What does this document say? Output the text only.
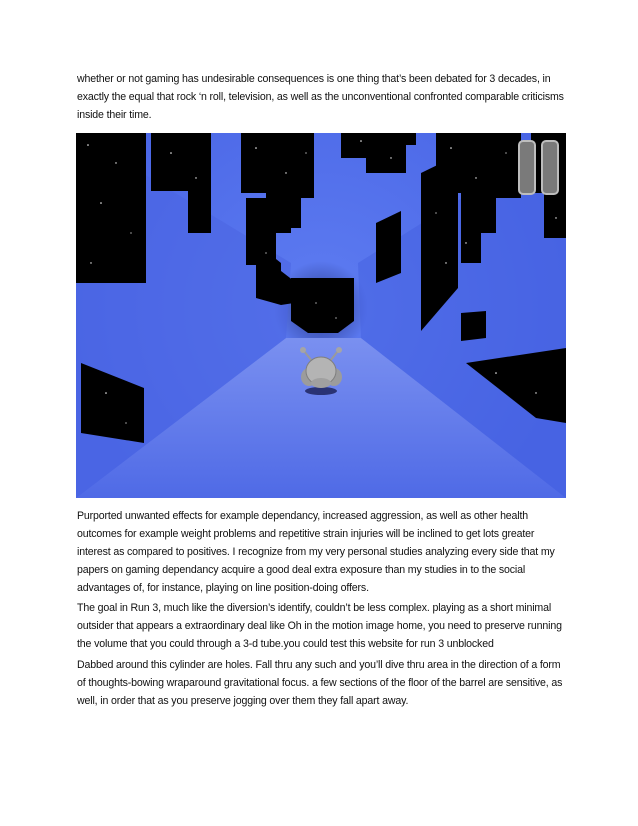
whether or not gaming has undesirable consequences is one thing that’s been debated for 3 decades, in exactly the equal that rock ‘n roll, television, as well as the unconventional confronted comparable criticisms inside their time.

Purported unwanted effects for example dependancy, increased aggression, as well as other health outcomes for example weight problems and repetitive strain injuries will be inclined to get lots greater interest as compared to positives. I recognize from my very personal studies analyzing every side that my papers on gaming dependancy acquire a good deal extra exposure than my studies in to the social advantages of, for instance, playing on line position-doing offers.

The goal in Run 3, much like the diversion’s identify, couldn’t be less complex. playing as a short minimal outsider that appears a extraordinary deal like Oh in the motion image home, you need to preserve running the volume that you could through a 3-d tube.you could test this website for run 3 unblocked

Dabbed around this cylinder are holes. Fall thru any such and you’ll dive thru area in the direction of a form of thoughts-bowing wraparound gravitational focus. a few sections of the floor of the barrel are sensitive, as well, in order that as you preserve jogging over them they fall apart away.
